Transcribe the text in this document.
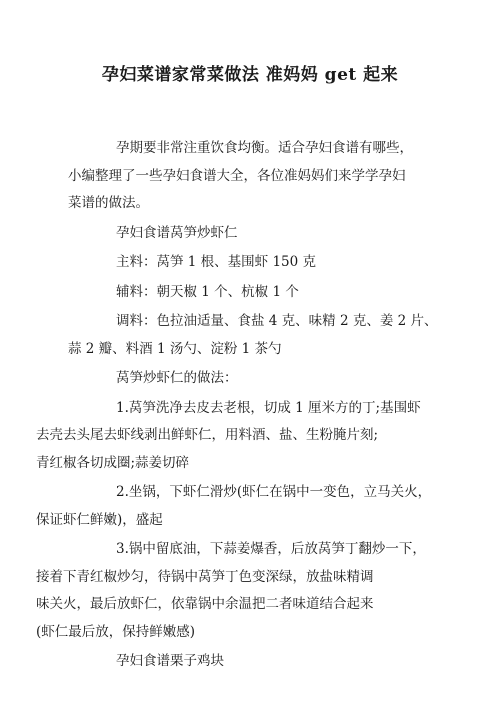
孕妇菜谱家常菜做法 准妈妈 get 起来
孕期要非常注重饮食均衡。适合孕妇食谱有哪些，
小编整理了一些孕妇食谱大全，各位准妈妈们来学学孕妇
菜谱的做法。
孕妇食谱莴笋炒虾仁
主料：莴笋 1 根、基围虾 150 克
辅料：朝天椒 1 个、杭椒 1 个
调料：色拉油适量、食盐 4 克、味精 2 克、姜 2 片、
蒜 2 瓣、料酒 1 汤勺、淀粉 1 茶勺
莴笋炒虾仁的做法：
1.莴笋洗净去皮去老根，切成 1 厘米方的丁;基围虾
去壳去头尾去虾线剥出鲜虾仁，用料酒、盐、生粉腌片刻;
青红椒各切成圈;蒜姜切碎
2.坐锅，下虾仁滑炒(虾仁在锅中一变色，立马关火，
保证虾仁鲜嫩)，盛起
3.锅中留底油，下蒜姜爆香，后放莴笋丁翻炒一下，
接着下青红椒炒匀，待锅中莴笋丁色变深绿，放盐味精调
味关火，最后放虾仁，依靠锅中余温把二者味道结合起来
(虾仁最后放，保持鲜嫩感)
孕妇食谱栗子鸡块
